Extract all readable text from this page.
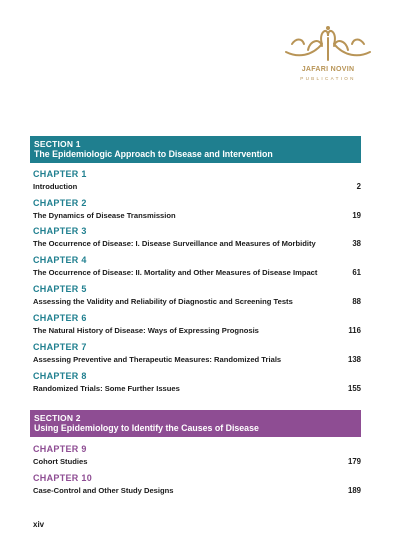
JAFARI NOVIN
PUBLICATION
SECTION 1
The Epidemiologic Approach to Disease and Intervention
CHAPTER 1
Introduction	2
CHAPTER 2
The Dynamics of Disease Transmission	19
CHAPTER 3
The Occurrence of Disease: I. Disease Surveillance and Measures of Morbidity	38
CHAPTER 4
The Occurrence of Disease: II. Mortality and Other Measures of Disease Impact	61
CHAPTER 5
Assessing the Validity and Reliability of Diagnostic and Screening Tests	88
CHAPTER 6
The Natural History of Disease: Ways of Expressing Prognosis	116
CHAPTER 7
Assessing Preventive and Therapeutic Measures: Randomized Trials	138
CHAPTER 8
Randomized Trials: Some Further Issues	155
SECTION 2
Using Epidemiology to Identify the Causes of Disease
CHAPTER 9
Cohort Studies	179
CHAPTER 10
Case-Control and Other Study Designs	189
xiv
